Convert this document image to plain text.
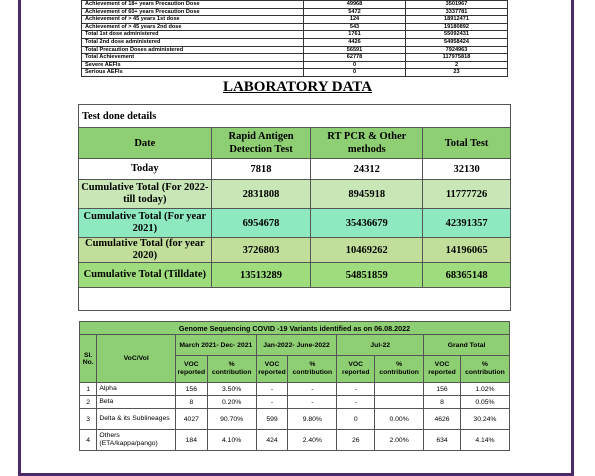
Achievement of 18+ years Precaution Dose	49968	3501967
Achievement of 60+ years Precaution Dose	5472	3337781
Achievement of > 45 years 1st dose	124	18912471
Achievement of > 45 years 2nd dose	543	19180892
Total 1st dose administered	1761	55092431
Total 2nd dose administered	4426	54958424
Total Precaution Doses administered	56591	7924963
Total Achievement	62778	117975818
Severe AEFIs	0	2
Serious AEFIs	0	23
LABORATORY DATA
Test done details			
Date	Rapid Antigen Detection Test	RT PCR & Other methods	Total Test
Today	7818	24312	32130
Cumulative Total (For 2022- till today)	2831808	8945918	11777726
Cumulative Total (For year 2021)	6954678	35436679	42391357
Cumulative Total (for year 2020)	3726803	10469262	14196065
Cumulative Total (Tilldate)	13513289	54851859	68365148

Genome Sequencing COVID -19 Variants identified as on 06.08.2022									
Sl. No.	VoC/VoI	March 2021- Dec- 2021		Jan-2022- June-2022		Jul-22		Grand Total	
		VOC reported	% contribution	VOC reported	% contribution	VOC reported	% contribution	VOC reported	% contribution
1	Alpha	156	3.50%	-	-	-		156	1.02%
2	Beta	8	0.20%	-	-	-		8	0.05%
3	Delta & its Sublineages	4027	90.70%	599	9.80%	0	0.00%	4626	30.24%
4	Others (ETA/kappa/pango)	184	4.10%	424	2.40%	26	2.00%	634	4.14%
